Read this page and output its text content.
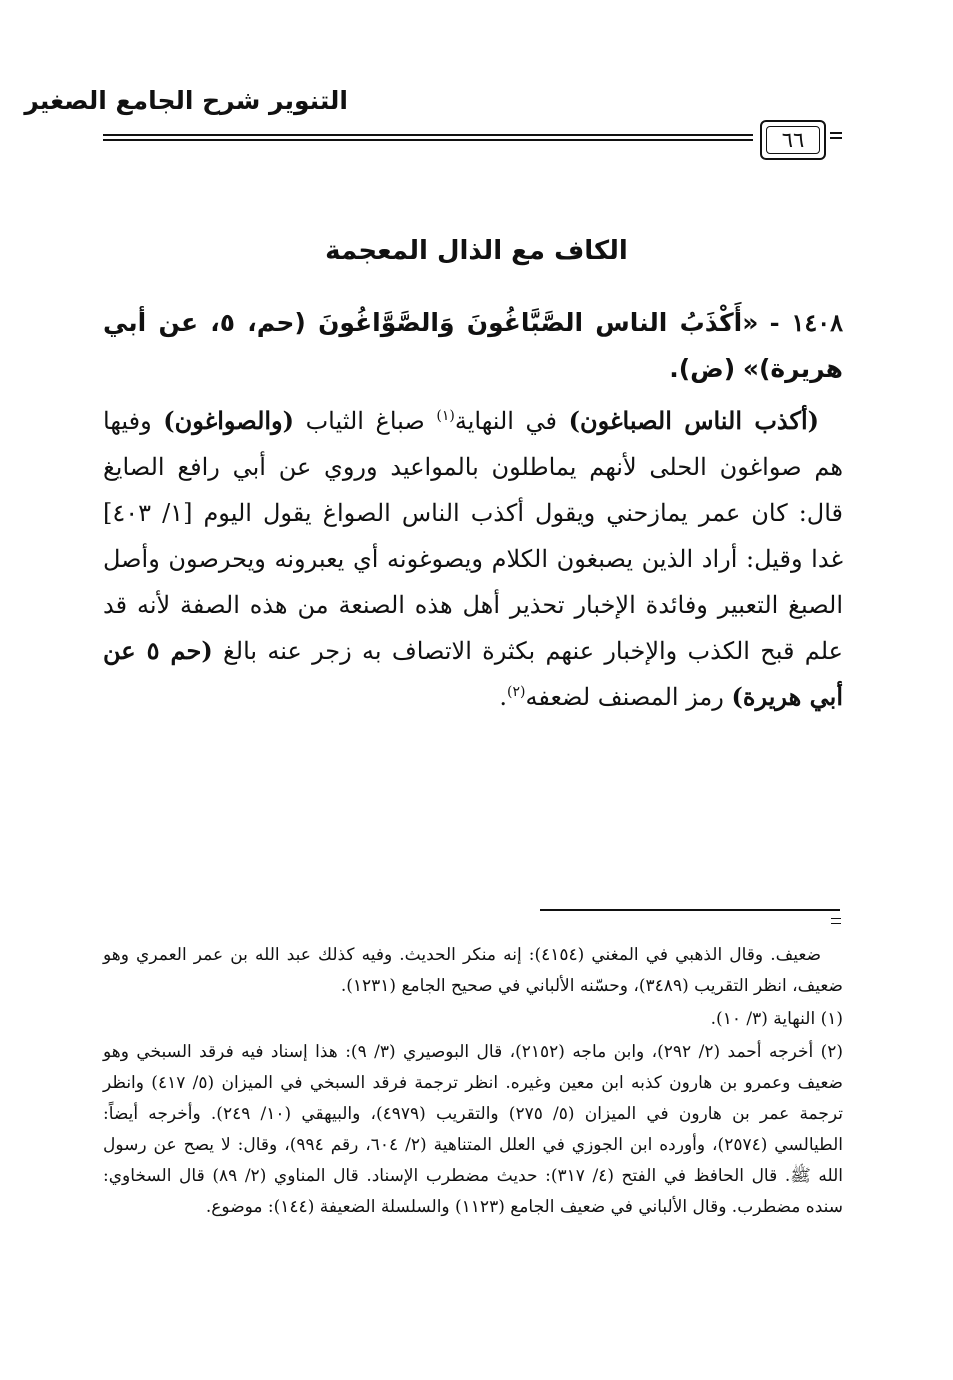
التنوير شرح الجامع الصغير
٦٦
الكاف مع الذال المعجمة

١٤٠٨ - «أَكْذَبُ الناس الصَّبَّاغُونَ وَالصَّوَّاغُونَ (حم، ٥، عن أبي هريرة)» (ض).

(أكذب الناس الصباغون) في النهاية$^{(١)}$ صباغ الثياب (والصواغون) وفيها هم صواغون الحلى لأنهم يماطلون بالمواعيد وروي عن أبي رافع الصايغ قال: كان عمر يمازحني ويقول أكذب الناس الصواغ يقول اليوم [١/ ٤٠٣] غدا وقيل: أراد الذين يصبغون الكلام ويصوغونه أي يعبرونه ويحرصون وأصل الصبغ التعبير وفائدة الإخبار تحذير أهل هذه الصنعة من هذه الصفة لأنه قد علم قبح الكذب والإخبار عنهم بكثرة الاتصاف به زجر عنه بالغ (حم ٥ عن أبي هريرة) رمز المصنف لضعفه$^{(٢)}$.

ضعيف. وقال الذهبي في المغني (٤١٥٤): إنه منكر الحديث. وفيه كذلك عبد الله بن عمر العمري وهو ضعيف، انظر التقريب (٣٤٨٩)، وحسّنه الألباني في صحيح الجامع (١٢٣١).

(١) النهاية (٣/ ١٠).

(٢) أخرجه أحمد (٢/ ٢٩٢)، وابن ماجه (٢١٥٢)، قال البوصيري (٣/ ٩): هذا إسناد فيه فرقد السبخي وهو ضعيف وعمرو بن هارون كذبه ابن معين وغيره. انظر ترجمة فرقد السبخي في الميزان (٥/ ٤١٧) وانظر ترجمة عمر بن هارون في الميزان (٥/ ٢٧٥) والتقريب (٤٩٧٩)، والبيهقي (١٠/ ٢٤٩). وأخرجه أيضاً: الطيالسي (٢٥٧٤)، وأورده ابن الجوزي في العلل المتناهية (٢/ ٦٠٤، رقم ٩٩٤)، وقال: لا يصح عن رسول الله ﷺ. قال الحافظ في الفتح (٤/ ٣١٧): حديث مضطرب الإسناد. قال المناوي (٢/ ٨٩) قال السخاوي: سنده مضطرب. وقال الألباني في ضعيف الجامع (١١٢٣) والسلسلة الضعيفة (١٤٤): موضوع.
